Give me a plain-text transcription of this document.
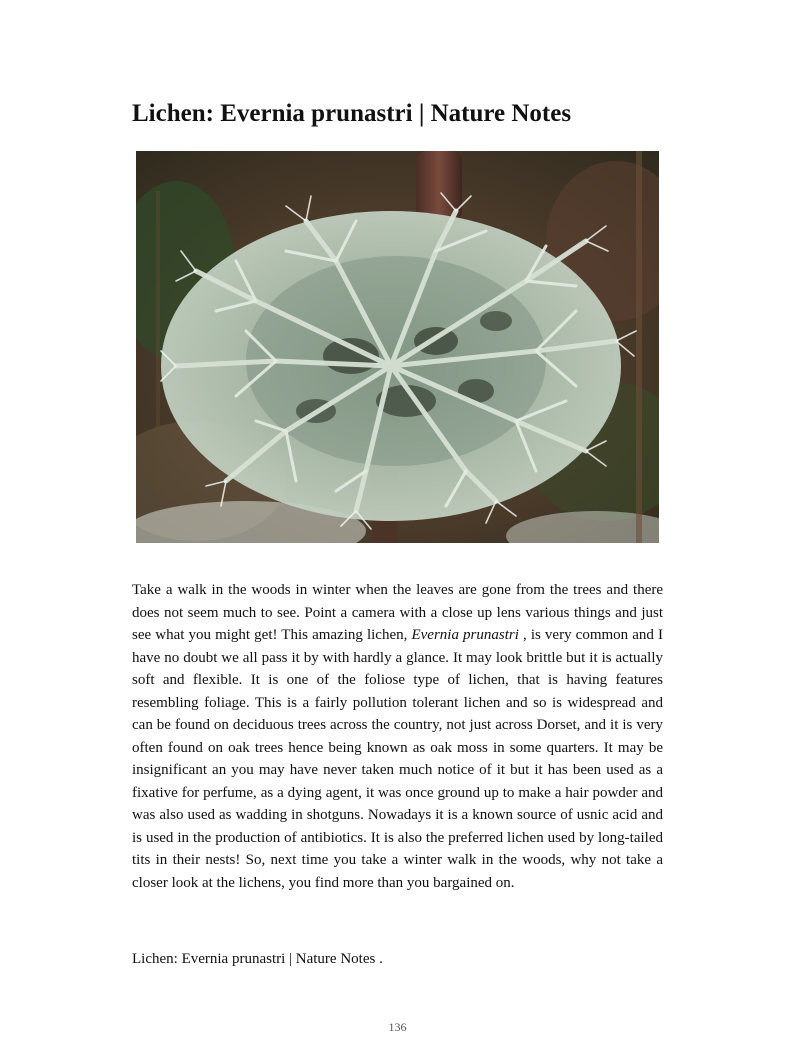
Lichen: Evernia prunastri | Nature Notes

Take a walk in the woods in winter when the leaves are gone from the trees and there does not seem much to see. Point a camera with a close up lens various things and just see what you might get! This amazing lichen, Evernia prunastri , is very common and I have no doubt we all pass it by with hardly a glance. It may look brittle but it is actually soft and flexible. It is one of the foliose type of lichen, that is having features resembling foliage. This is a fairly pollution tolerant lichen and so is widespread and can be found on deciduous trees across the country, not just across Dorset, and it is very often found on oak trees hence being known as oak moss in some quarters. It may be insignificant an you may have never taken much notice of it but it has been used as a fixative for perfume, as a dying agent, it was once ground up to make a hair powder and was also used as wadding in shotguns. Nowadays it is a known source of usnic acid and is used in the production of antibiotics. It is also the preferred lichen used by long-tailed tits in their nests! So, next time you take a winter walk in the woods, why not take a closer look at the lichens, you find more than you bargained on.

Lichen: Evernia prunastri | Nature Notes .

136
